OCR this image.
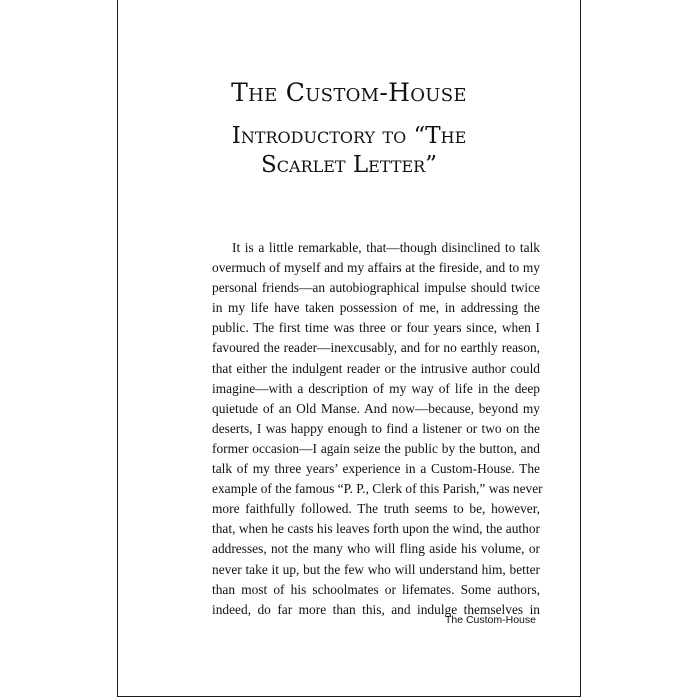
The Custom-House
Introductory to “The
Scarlet Letter”

It is a little remarkable, that—though disinclined to talk
overmuch of myself and my affairs at the fireside, and to my
personal friends—an autobiographical impulse should twice
in my life have taken possession of me, in addressing the
public. The first time was three or four years since, when I
favoured the reader—inexcusably, and for no earthly reason,
that either the indulgent reader or the intrusive author could
imagine—with a description of my way of life in the deep
quietude of an Old Manse. And now—because, beyond my
deserts, I was happy enough to find a listener or two on the
former occasion—I again seize the public by the button, and
talk of my three years’ experience in a Custom-House. The
example of the famous “P. P., Clerk of this Parish,” was never
more faithfully followed. The truth seems to be, however,
that, when he casts his leaves forth upon the wind, the author
addresses, not the many who will fling aside his volume, or
never take it up, but the few who will understand him, better
than most of his schoolmates or lifemates. Some authors,
indeed, do far more than this, and indulge themselves in

The Custom-House
